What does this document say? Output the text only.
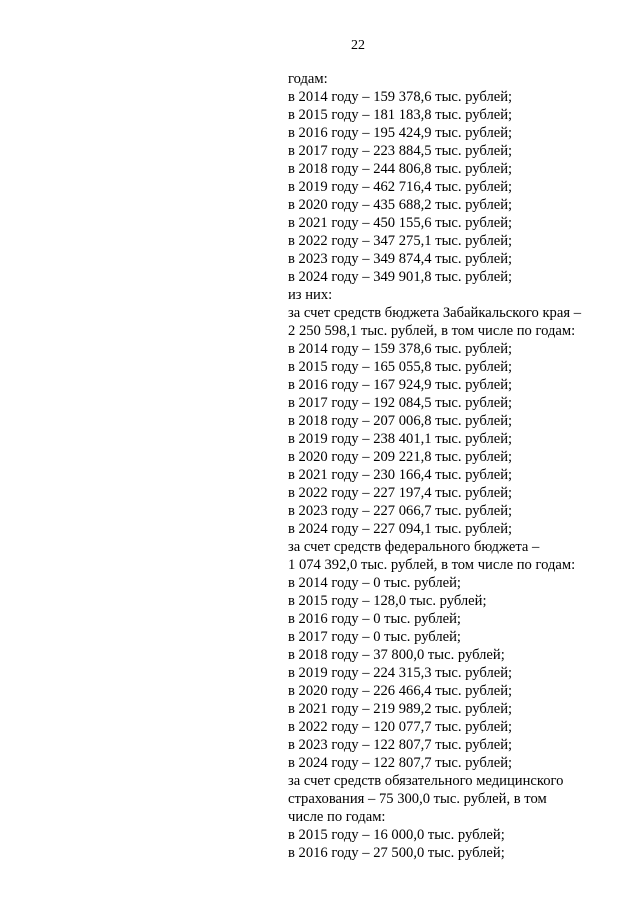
22

годам:

в 2014 году – 159 378,6 тыс. рублей;

в 2015 году – 181 183,8 тыс. рублей;

в 2016 году – 195 424,9 тыс. рублей;

в 2017 году – 223 884,5 тыс. рублей;

в 2018 году – 244 806,8 тыс. рублей;

в 2019 году – 462 716,4 тыс. рублей;

в 2020 году – 435 688,2 тыс. рублей;

в 2021 году – 450 155,6 тыс. рублей;

в 2022 году – 347 275,1 тыс. рублей;

в 2023 году – 349 874,4 тыс. рублей;

в 2024 году – 349 901,8 тыс. рублей;

из них:

за счет средств бюджета Забайкальского края –

2 250 598,1 тыс. рублей, в том числе по годам:

в 2014 году – 159 378,6 тыс. рублей;

в 2015 году – 165 055,8 тыс. рублей;

в 2016 году – 167 924,9 тыс. рублей;

в 2017 году – 192 084,5 тыс. рублей;

в 2018 году – 207 006,8 тыс. рублей;

в 2019 году – 238 401,1 тыс. рублей;

в 2020 году – 209 221,8 тыс. рублей;

в 2021 году – 230 166,4 тыс. рублей;

в 2022 году – 227 197,4 тыс. рублей;

в 2023 году – 227 066,7 тыс. рублей;

в 2024 году – 227 094,1 тыс. рублей;

за счет средств федерального бюджета –

1 074 392,0 тыс. рублей, в том числе по годам:

в 2014 году – 0 тыс. рублей;

в 2015 году – 128,0 тыс. рублей;

в 2016 году – 0 тыс. рублей;

в 2017 году – 0 тыс. рублей;

в 2018 году – 37 800,0 тыс. рублей;

в 2019 году – 224 315,3 тыс. рублей;

в 2020 году – 226 466,4 тыс. рублей;

в 2021 году – 219 989,2 тыс. рублей;

в 2022 году – 120 077,7 тыс. рублей;

в 2023 году – 122 807,7 тыс. рублей;

в 2024 году – 122 807,7 тыс. рублей;

за счет средств обязательного медицинского

страхования – 75 300,0 тыс. рублей, в том

числе по годам:

в 2015 году – 16 000,0 тыс. рублей;

в 2016 году – 27 500,0 тыс. рублей;
